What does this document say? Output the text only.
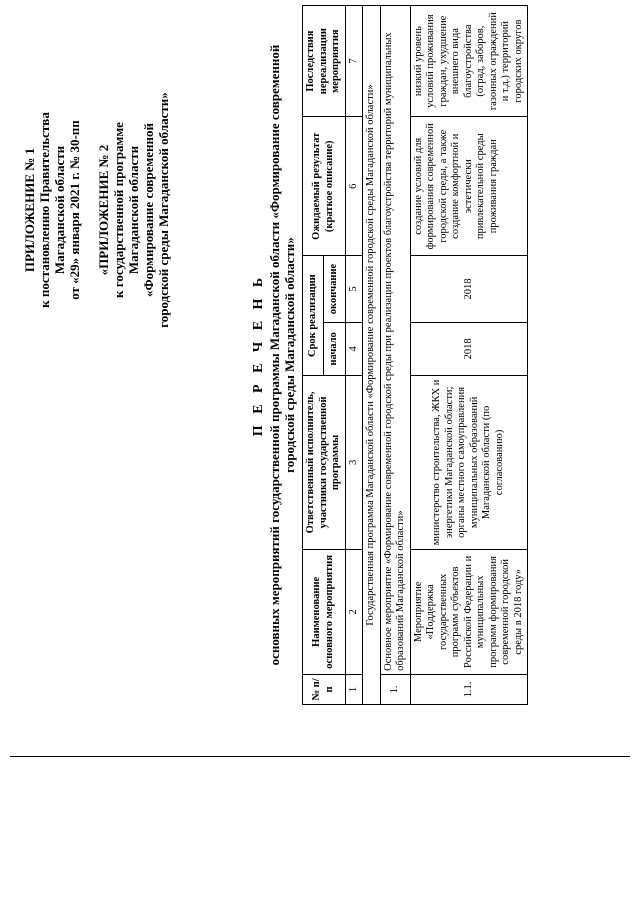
ПРИЛОЖЕНИЕ № 1 к постановлению Правительства Магаданской области от «29» января 2021 г. № 30-пп «ПРИЛОЖЕНИЕ № 2 к государственной программе Магаданской области «Формирование современной городской среды Магаданской области»
П Е Р Е Ч Е Н Ь основных мероприятий государственной программы Магаданской области «Формирование современной городской среды Магаданской области»
№ п/п	Наименование основного мероприятия	Ответственный исполнитель, участники государственной программы	Срок реализации		Ожидаемый результат (краткое описание)	Последствия нереализации мероприятия
			начало	окончание		
1	2	3	4	5	6	7
Государственная программа Магаданской области «Формирование современной городской среды Магаданской области»						
1.	Основное мероприятие «Формирование современной городской среды при реализации проектов благоустройства территорий муниципальных образований Магаданской области»					
1.1.	Мероприятие «Поддержка государственных программ субъектов Российской Федерации и муниципальных программ формирования современной городской среды в 2018 году»	министерство строительства, ЖКХ и энергетики Магаданской области; органы местного самоуправления муниципальных образований Магаданской области (по согласованию)	2018	2018	создание условий для формирования современной городской среды, а также создание комфортной и эстетически привлекательной среды проживания граждан	низкий уровень условий проживания граждан, ухудшение внешнего вида благоустройства (оград, заборов, газонных ограждений и т.д.) территорий городских округов
